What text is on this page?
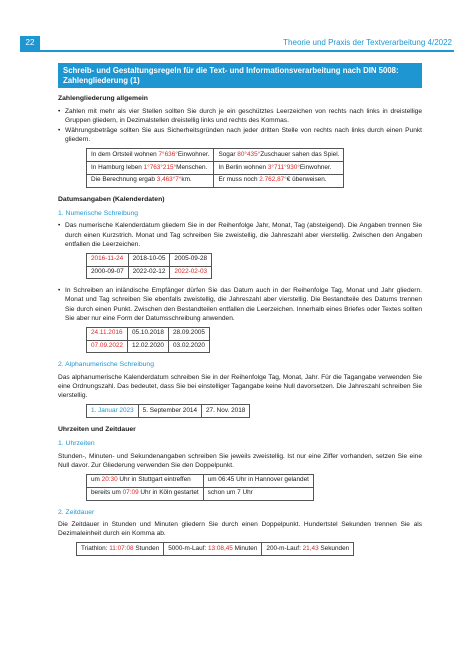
22	Theorie und Praxis der Textverarbeitung 4/2022
Schreib- und Gestaltungsregeln für die Text- und Informationsverarbeitung nach DIN 5008: Zahlengliederung (1)
Zahlengliederung allgemein
• Zahlen mit mehr als vier Stellen sollten Sie durch je ein geschütztes Leerzeichen von rechts nach links in dreistellige Gruppen gliedern, in Dezimalstellen dreistellig links und rechts des Kommas.
• Währungsbeträge sollten Sie aus Sicherheitsgründen nach jeder dritten Stelle von rechts nach links durch einen Punkt gliedern.
In dem Ortsteil wohnen 7°636°Einwohner.	Sogar 80°435°Zuschauer sahen das Spiel.
In Hamburg leben 1°763°215°Menschen.	In Berlin wohnen 3°711°930°Einwohner.
Die Berechnung ergab 3,463°7°km.	Er muss noch 2.762,87°€ überweisen.
Datumsangaben (Kalenderdaten)
1. Numerische Schreibung
• Das numerische Kalenderdatum gliedern Sie in der Reihenfolge Jahr, Monat, Tag (absteigend). Die Angaben trennen Sie durch einen Kurzstrich. Monat und Tag schreiben Sie zweistellig, die Jahreszahl aber vierstellig. Zwischen den Angaben entfallen die Leerzeichen.
2016-11-24	2018-10-05	2005-09-28
2000-09-07	2022-02-12	2022-02-03
• In Schreiben an inländische Empfänger dürfen Sie das Datum auch in der Reihenfolge Tag, Monat und Jahr gliedern. Monat und Tag schreiben Sie ebenfalls zweistellig, die Jahreszahl aber vierstellig. Die Bestandteile des Datums trennen Sie durch einen Punkt. Zwischen den Bestandteilen entfallen die Leerzeichen. Innerhalb eines Briefes oder Textes sollten Sie aber nur eine Form der Datumsschreibung anwenden.
24.11.2016	05.10.2018	28.09.2005
07.09.2022	12.02.2020	03.02.2020
2. Alphanumerische Schreibung

Das alphanumerische Kalenderdatum schreiben Sie in der Reihenfolge Tag, Monat, Jahr. Für die Tagangabe verwenden Sie eine Ordnungszahl. Das bedeutet, dass Sie bei einstelliger Tagangabe keine Null davorsetzen. Die Jahreszahl schreiben Sie vierstellig.

1. Januar 2023	5. September 2014	27. Nov. 2018
Uhrzeiten und Zeitdauer
1. Uhrzeiten

Stunden-, Minuten- und Sekundenangaben schreiben Sie jeweils zweistellig. Ist nur eine Ziffer vorhanden, setzen Sie eine Null davor. Zur Gliederung verwenden Sie den Doppelpunkt.

um 20:30 Uhr in Stuttgart eintreffen	um 06:45 Uhr in Hannover gelandet
bereits um 07:09 Uhr in Köln gestartet	schon um 7 Uhr
2. Zeitdauer

Die Zeitdauer in Stunden und Minuten gliedern Sie durch einen Doppelpunkt. Hundertstel Sekunden trennen Sie als Dezimaleinheit durch ein Komma ab.

Triathlon: 11:07:08 Stunden	5000-m-Lauf: 13:08,45 Minuten	200-m-Lauf: 21,43 Sekunden
